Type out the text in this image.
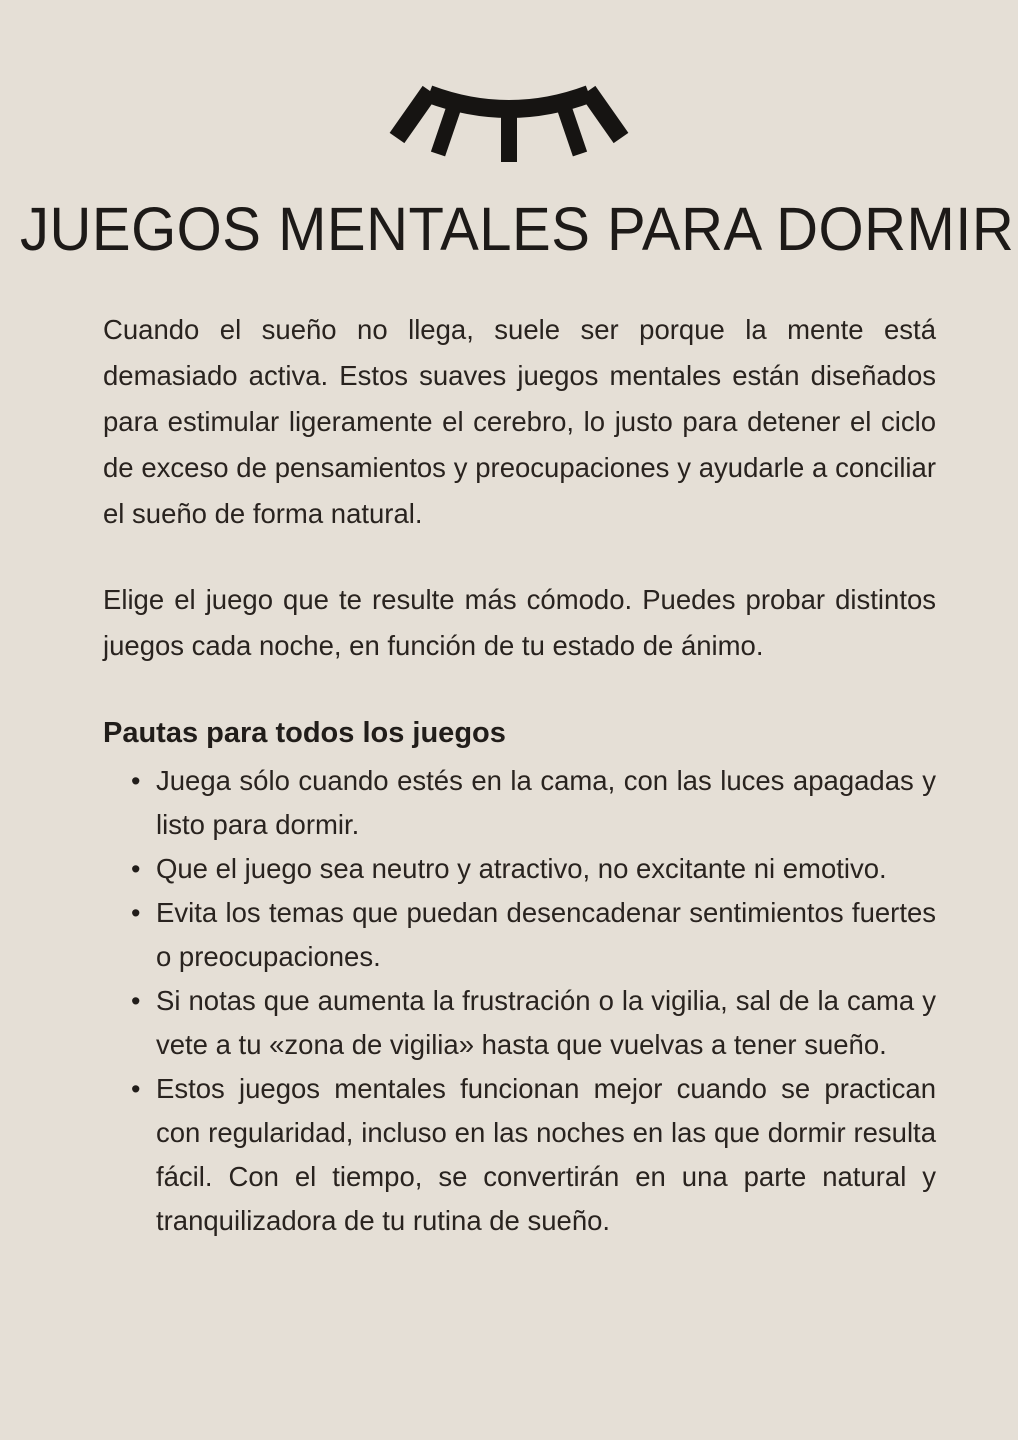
JUEGOS MENTALES PARA DORMIR

Cuando el sueño no llega, suele ser porque la mente está demasiado activa. Estos suaves juegos mentales están diseñados para estimular ligeramente el cerebro, lo justo para detener el ciclo de exceso de pensamientos y preocupaciones y ayudarle a conciliar el sueño de forma natural.

Elige el juego que te resulte más cómodo. Puedes probar distintos juegos cada noche, en función de tu estado de ánimo.

Pautas para todos los juegos
• Juega sólo cuando estés en la cama, con las luces apagadas y listo para dormir.
• Que el juego sea neutro y atractivo, no excitante ni emotivo.
• Evita los temas que puedan desencadenar sentimientos fuertes o preocupaciones.
• Si notas que aumenta la frustración o la vigilia, sal de la cama y vete a tu «zona de vigilia» hasta que vuelvas a tener sueño.
• Estos juegos mentales funcionan mejor cuando se practican con regularidad, incluso en las noches en las que dormir resulta fácil. Con el tiempo, se convertirán en una parte natural y tranquilizadora de tu rutina de sueño.
